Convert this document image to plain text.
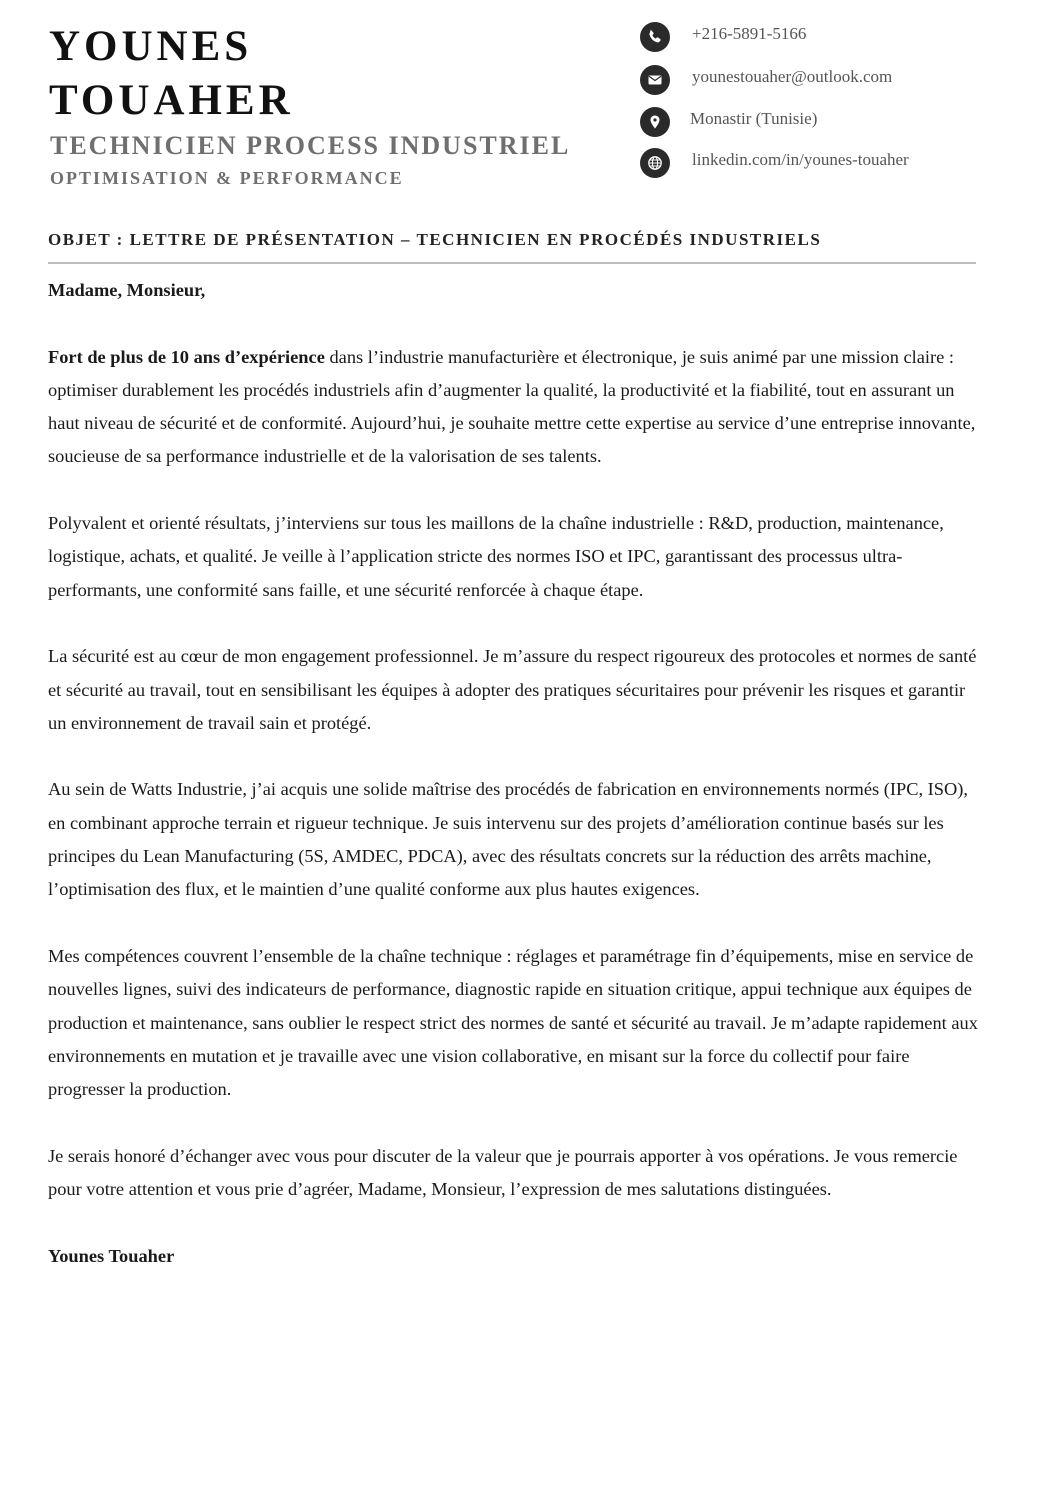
YOUNES
TOUAHER
TECHNICIEN PROCESS INDUSTRIEL
OPTIMISATION & PERFORMANCE
+216-5891-5166
younestouaher@outlook.com
Monastir (Tunisie)
linkedin.com/in/younes-touaher
OBJET : LETTRE DE PRÉSENTATION – TECHNICIEN EN PROCÉDÉS INDUSTRIELS

Madame, Monsieur,

Fort de plus de 10 ans d’expérience dans l’industrie manufacturière et électronique, je suis animé par une mission claire : optimiser durablement les procédés industriels afin d’augmenter la qualité, la productivité et la fiabilité, tout en assurant un haut niveau de sécurité et de conformité. Aujourd’hui, je souhaite mettre cette expertise au service d’une entreprise innovante, soucieuse de sa performance industrielle et de la valorisation de ses talents.

Polyvalent et orienté résultats, j’interviens sur tous les maillons de la chaîne industrielle : R&D, production, maintenance, logistique, achats, et qualité. Je veille à l’application stricte des normes ISO et IPC, garantissant des processus ultra-performants, une conformité sans faille, et une sécurité renforcée à chaque étape.

La sécurité est au cœur de mon engagement professionnel. Je m’assure du respect rigoureux des protocoles et normes de santé et sécurité au travail, tout en sensibilisant les équipes à adopter des pratiques sécuritaires pour prévenir les risques et garantir un environnement de travail sain et protégé.

Au sein de Watts Industrie, j’ai acquis une solide maîtrise des procédés de fabrication en environnements normés (IPC, ISO), en combinant approche terrain et rigueur technique. Je suis intervenu sur des projets d’amélioration continue basés sur les principes du Lean Manufacturing (5S, AMDEC, PDCA), avec des résultats concrets sur la réduction des arrêts machine, l’optimisation des flux, et le maintien d’une qualité conforme aux plus hautes exigences.

Mes compétences couvrent l’ensemble de la chaîne technique : réglages et paramétrage fin d’équipements, mise en service de nouvelles lignes, suivi des indicateurs de performance, diagnostic rapide en situation critique, appui technique aux équipes de production et maintenance, sans oublier le respect strict des normes de santé et sécurité au travail. Je m’adapte rapidement aux environnements en mutation et je travaille avec une vision collaborative, en misant sur la force du collectif pour faire progresser la production.

Je serais honoré d’échanger avec vous pour discuter de la valeur que je pourrais apporter à vos opérations. Je vous remercie pour votre attention et vous prie d’agréer, Madame, Monsieur, l’expression de mes salutations distinguées.

Younes Touaher
